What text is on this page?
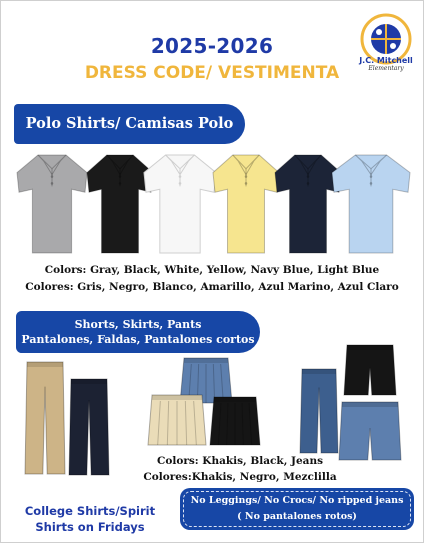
J.C. Mitchell
Elementary
2025-2026
DRESS CODE/ VESTIMENTA
Polo Shirts/ Camisas Polo
Colors: Gray, Black, White, Yellow, Navy Blue, Light Blue
Colores: Gris, Negro, Blanco, Amarillo, Azul Marino, Azul Claro
Shorts, Skirts, Pants
Pantalones, Faldas, Pantalones cortos
Colors: Khakis, Black, Jeans
Colores:Khakis, Negro, Mezclilla
College Shirts/Spirit
Shirts on Fridays
No Leggings/ No Crocs/ No ripped jeans
( No pantalones rotos)
